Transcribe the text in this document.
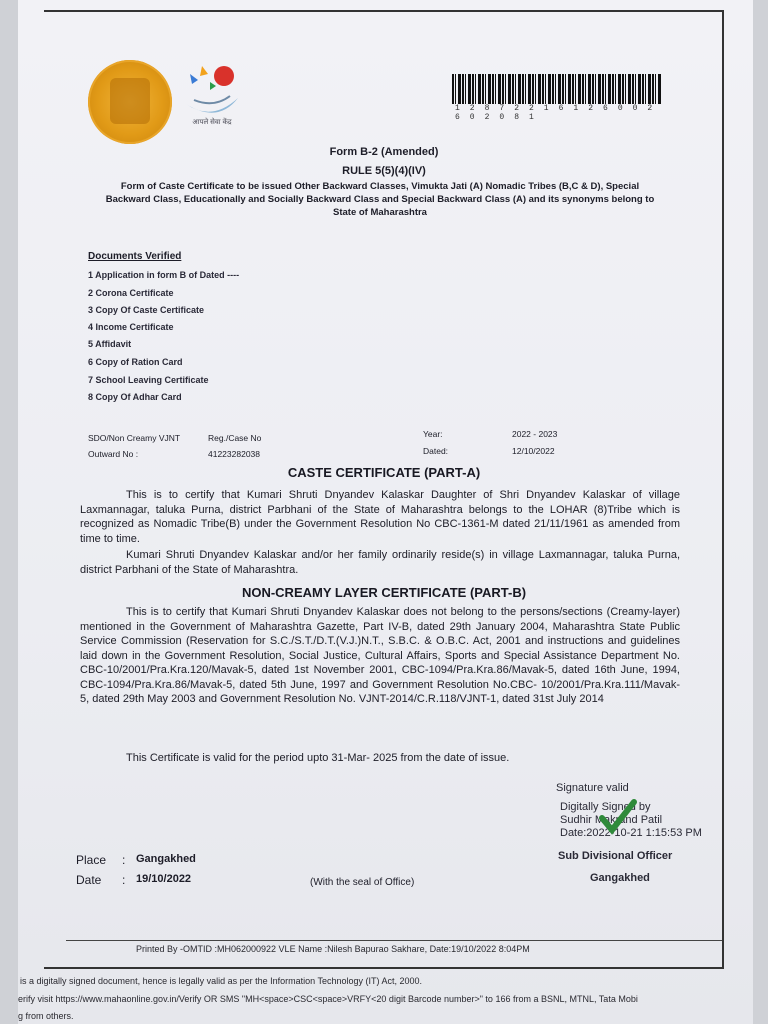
आपले सेवा केंद्र
1 2 8 7 2 2 1 6 1 2 6 0 0 2 6 0 2 0 8 1
Form B-2 (Amended)
RULE 5(5)(4)(IV)
Form of Caste Certificate to be issued Other Backward Classes, Vimukta Jati (A) Nomadic Tribes (B,C & D), Special Backward Class, Educationally and Socially Backward Class and Special Backward Class (A) and its synonyms belong to State of Maharashtra
Documents Verified
1 Application in form B of Dated ----
2 Corona Certificate
3 Copy Of Caste Certificate
4 Income Certificate
5 Affidavit
6 Copy of Ration Card
7 School Leaving Certificate
8 Copy Of Adhar Card
SDO/Non Creamy VJNT	Reg./Case No
Outward No :	41223282038
Year:	2022 - 2023
Dated:	12/10/2022
CASTE CERTIFICATE (PART-A)
This is to certify that Kumari Shruti Dnyandev Kalaskar Daughter of Shri Dnyandev Kalaskar of village Laxmannagar, taluka Purna, district Parbhani of the State of Maharashtra belongs to the LOHAR (8)Tribe which is recognized as Nomadic Tribe(B) under the Government Resolution No CBC-1361-M dated 21/11/1961 as amended from time to time.
Kumari Shruti Dnyandev Kalaskar and/or her family ordinarily reside(s) in village Laxmannagar, taluka Purna, district Parbhani of the State of Maharashtra.
NON-CREAMY LAYER CERTIFICATE (PART-B)
This is to certify that Kumari Shruti Dnyandev Kalaskar does not belong to the persons/sections (Creamy-layer) mentioned in the Government of Maharashtra Gazette, Part IV-B, dated 29th January 2004, Maharashtra State Public Service Commission (Reservation for S.C./S.T./D.T.(V.J.)N.T., S.B.C. & O.B.C. Act, 2001 and instructions and guidelines laid down in the Government Resolution, Social Justice, Cultural Affairs, Sports and Special Assistance Department No. CBC-10/2001/Pra.Kra.120/Mavak-5, dated 1st November 2001, CBC-1094/Pra.Kra.86/Mavak-5, dated 16th June, 1994, CBC-1094/Pra.Kra.86/Mavak-5, dated 5th June, 1997 and Government Resolution No.CBC- 10/2001/Pra.Kra.111/Mavak-5, dated 29th May 2003 and Government Resolution No. VJNT-2014/C.R.118/VJNT-1, dated 31st July 2014
This Certificate is valid for the period upto 31-Mar- 2025 from the date of issue.
Signature valid
Digitally Signed by
Sudhir Makrand Patil
Date:2022-10-21 1:15:53 PM
Sub Divisional Officer
Gangakhed
Place : Gangakhed
Date : 19/10/2022	(With the seal of Office)
Printed By -OMTID :MH062000922 VLE Name :Nilesh Bapurao Sakhare, Date:19/10/2022 8:04PM
is a digitally signed document, hence is legally valid as per the Information Technology (IT) Act, 2000.
erify visit https://www.mahaonline.gov.in/Verify OR SMS "MH<space>CSC<space>VRFY<20 digit Barcode number>" to 166 from a BSNL, MTNL, Tata Mobi
g from others.
